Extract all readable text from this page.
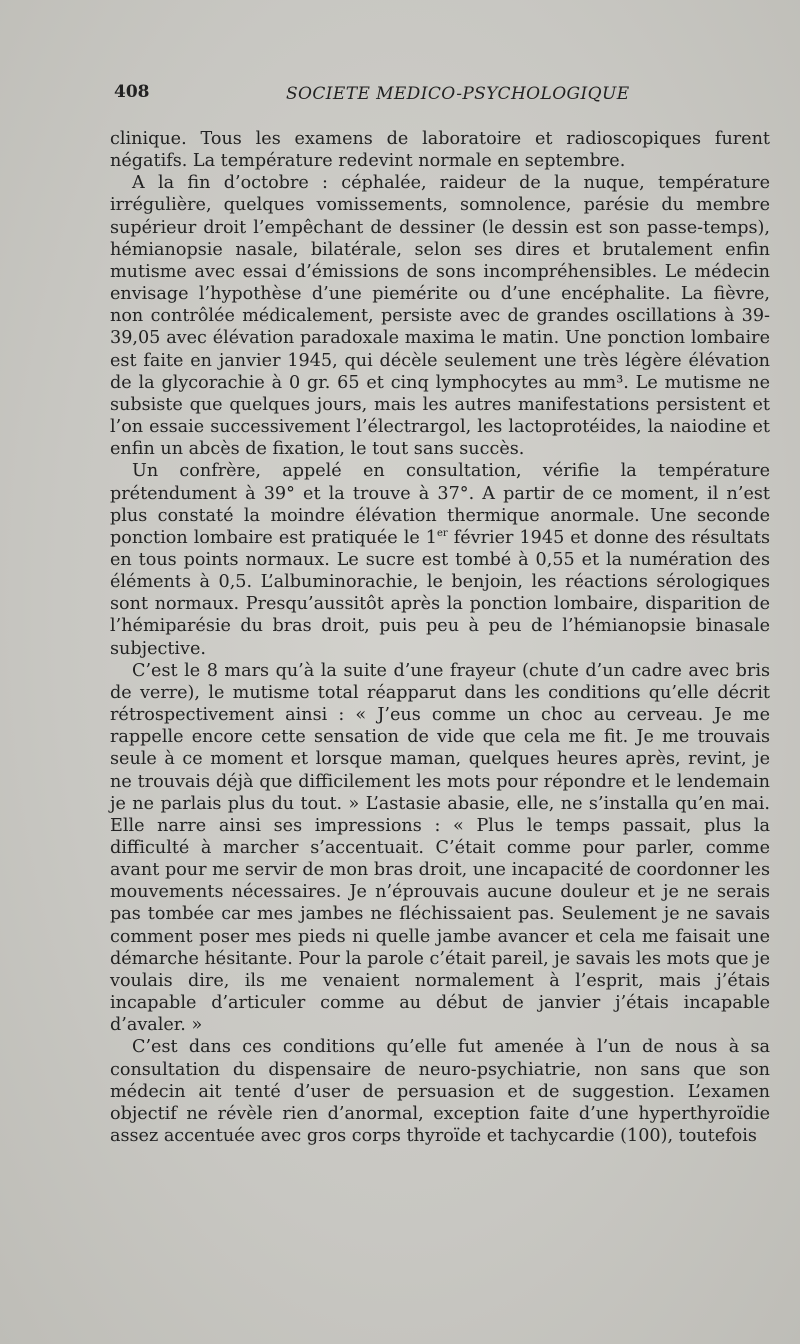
408	SOCIETE MEDICO-PSYCHOLOGIQUE

clinique. Tous les examens de laboratoire et radioscopiques furent négatifs. La température redevint normale en septembre.

A la fin d’octobre : céphalée, raideur de la nuque, température irrégulière, quelques vomissements, somnolence, parésie du membre supérieur droit l’empêchant de dessiner (le dessin est son passe-temps), hémianopsie nasale, bilatérale, selon ses dires et brutalement enfin mutisme avec essai d’émissions de sons incompréhensibles. Le médecin envisage l’hypothèse d’une piemérite ou d’une encéphalite. La fièvre, non contrôlée médicalement, persiste avec de grandes oscillations à 39-39,05 avec élévation paradoxale maxima le matin. Une ponction lombaire est faite en janvier 1945, qui décèle seulement une très légère élévation de la glycorachie à 0 gr. 65 et cinq lymphocytes au mm³. Le mutisme ne subsiste que quelques jours, mais les autres manifestations persistent et l’on essaie successivement l’électrargol, les lactoprotéides, la naiodine et enfin un abcès de fixation, le tout sans succès.

Un confrère, appelé en consultation, vérifie la température prétendument à 39° et la trouve à 37°. A partir de ce moment, il n’est plus constaté la moindre élévation thermique anormale. Une seconde ponction lombaire est pratiquée le 1er février 1945 et donne des résultats en tous points normaux. Le sucre est tombé à 0,55 et la numération des éléments à 0,5. L’albuminorachie, le benjoin, les réactions sérologiques sont normaux. Presqu’aussitôt après la ponction lombaire, disparition de l’hémiparésie du bras droit, puis peu à peu de l’hémianopsie binasale subjective.

C’est le 8 mars qu’à la suite d’une frayeur (chute d’un cadre avec bris de verre), le mutisme total réapparut dans les conditions qu’elle décrit rétrospectivement ainsi : « J’eus comme un choc au cerveau. Je me rappelle encore cette sensation de vide que cela me fit. Je me trouvais seule à ce moment et lorsque maman, quelques heures après, revint, je ne trouvais déjà que difficilement les mots pour répondre et le lendemain je ne parlais plus du tout. » L’astasie abasie, elle, ne s’installa qu’en mai. Elle narre ainsi ses impressions : « Plus le temps passait, plus la difficulté à marcher s’accentuait. C’était comme pour parler, comme avant pour me servir de mon bras droit, une incapacité de coordonner les mouvements nécessaires. Je n’éprouvais aucune douleur et je ne serais pas tombée car mes jambes ne fléchissaient pas. Seulement je ne savais comment poser mes pieds ni quelle jambe avancer et cela me faisait une démarche hésitante. Pour la parole c’était pareil, je savais les mots que je voulais dire, ils me venaient normalement à l’esprit, mais j’étais incapable d’articuler comme au début de janvier j’étais incapable d’avaler. »

C’est dans ces conditions qu’elle fut amenée à l’un de nous à sa consultation du dispensaire de neuro-psychiatrie, non sans que son médecin ait tenté d’user de persuasion et de suggestion. L’examen objectif ne révèle rien d’anormal, exception faite d’une hyperthyroïdie assez accentuée avec gros corps thyroïde et tachycardie (100), toutefois
